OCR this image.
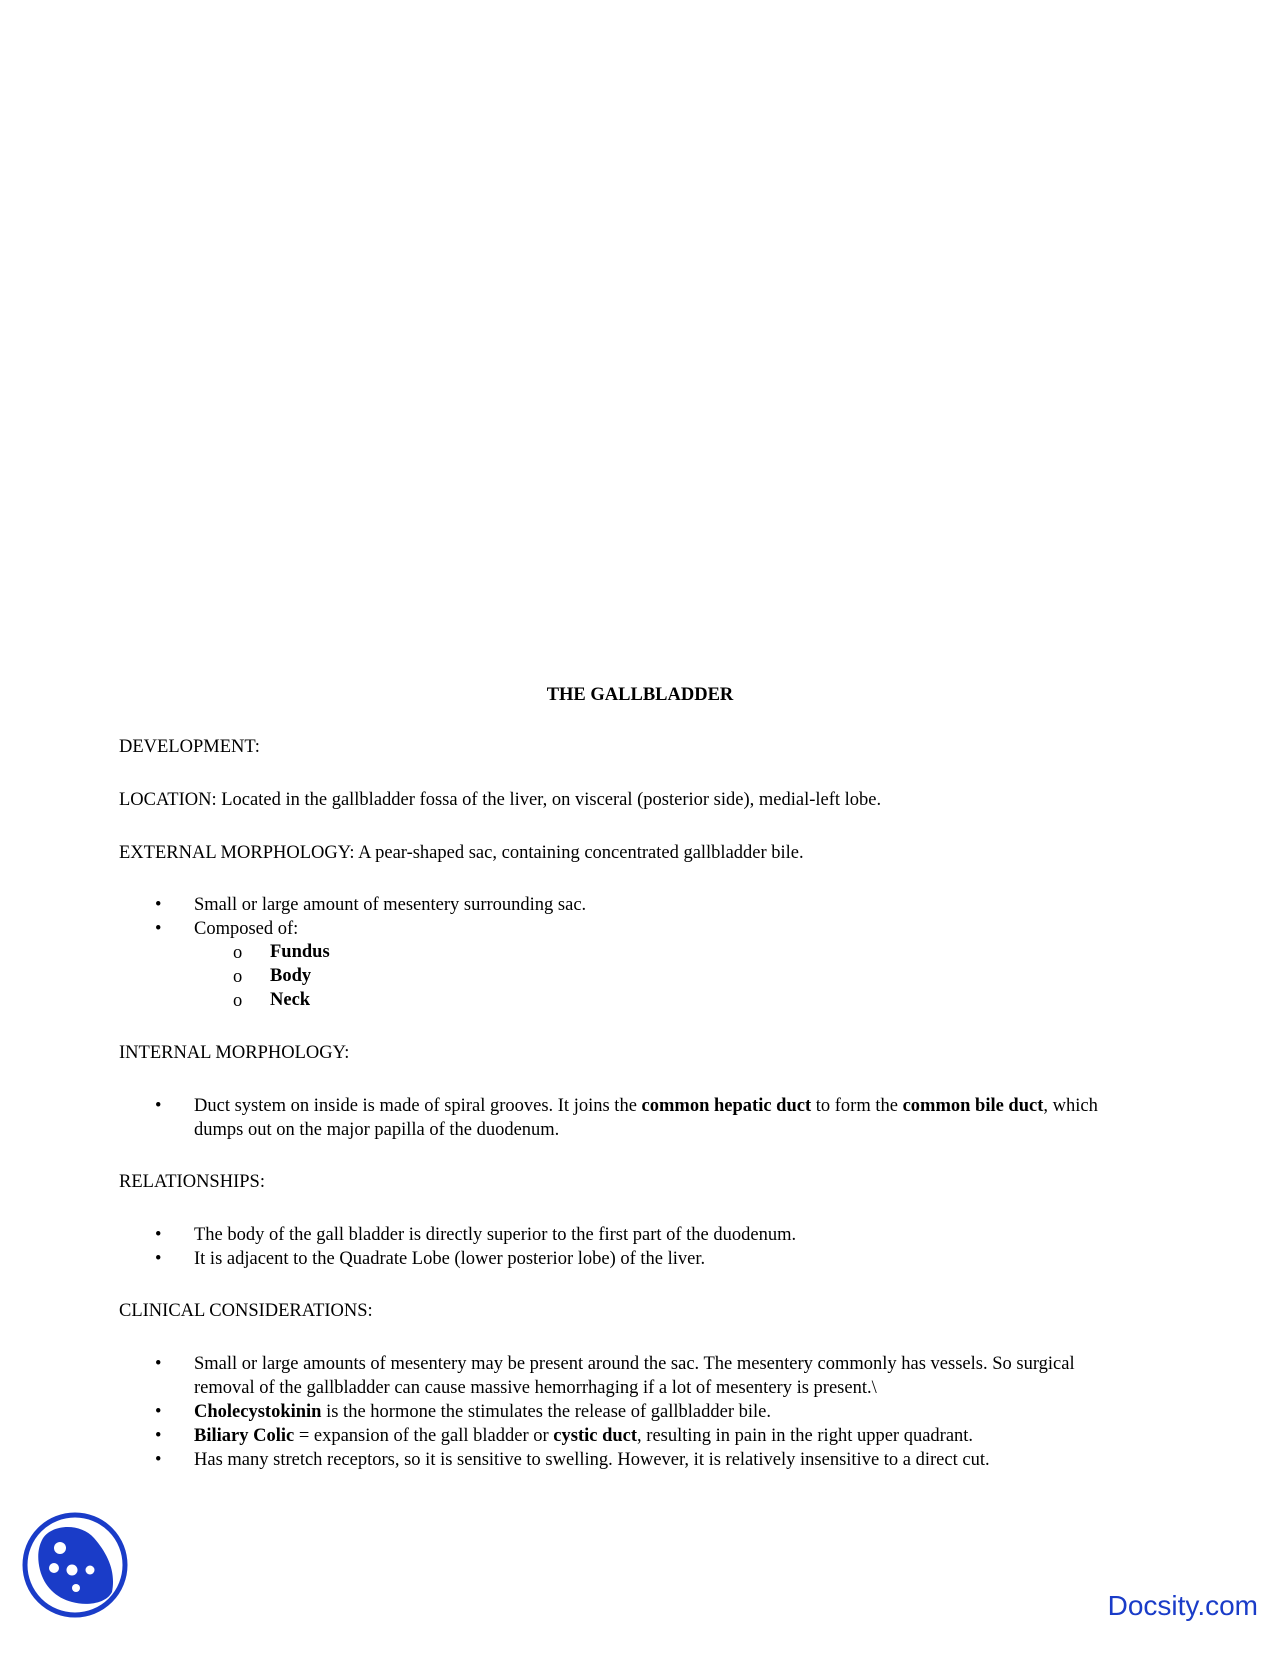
THE GALLBLADDER
DEVELOPMENT:
LOCATION: Located in the gallbladder fossa of the liver, on visceral (posterior side), medial-left lobe.
EXTERNAL MORPHOLOGY: A pear-shaped sac, containing concentrated gallbladder bile.
• Small or large amount of mesentery surrounding sac.
• Composed of:
o Fundus
o Body
o Neck
INTERNAL MORPHOLOGY:
• Duct system on inside is made of spiral grooves. It joins the common hepatic duct to form the common bile duct, which
dumps out on the major papilla of the duodenum.
RELATIONSHIPS:
• The body of the gall bladder is directly superior to the first part of the duodenum.
• It is adjacent to the Quadrate Lobe (lower posterior lobe) of the liver.
CLINICAL CONSIDERATIONS:
• Small or large amounts of mesentery may be present around the sac. The mesentery commonly has vessels. So surgical
removal of the gallbladder can cause massive hemorrhaging if a lot of mesentery is present.\
• Cholecystokinin is the hormone the stimulates the release of gallbladder bile.
• Biliary Colic = expansion of the gall bladder or cystic duct, resulting in pain in the right upper quadrant.
• Has many stretch receptors, so it is sensitive to swelling. However, it is relatively insensitive to a direct cut.
Docsity.com
